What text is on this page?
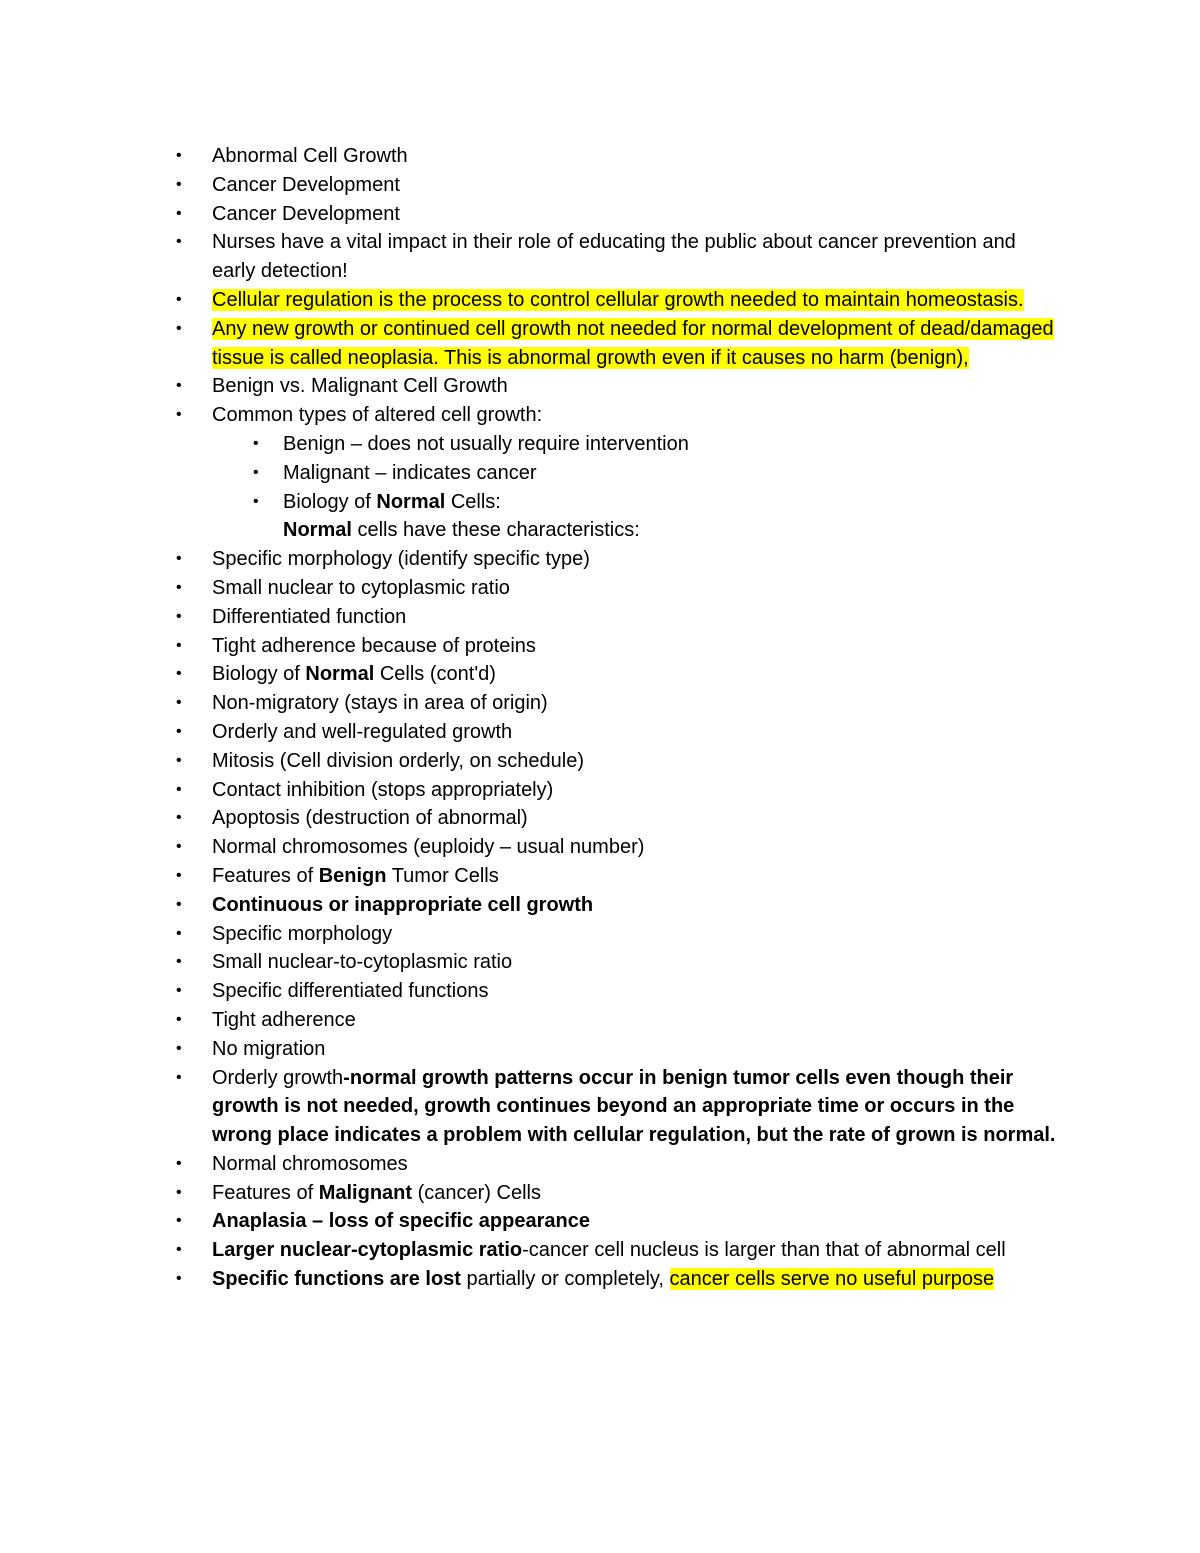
•	Abnormal Cell Growth
•	Cancer Development
•	Cancer Development
•	Nurses have a vital impact in their role of educating the public about cancer prevention and early detection!
•	Cellular regulation is the process to control cellular growth needed to maintain homeostasis.
•	Any new growth or continued cell growth not needed for normal development of dead/damaged tissue is called neoplasia. This is abnormal growth even if it causes no harm (benign),
•	Benign vs. Malignant Cell Growth
•	Common types of altered cell growth:
•	Benign – does not usually require intervention
•	Malignant – indicates cancer
•	Biology of Normal Cells:
Normal cells have these characteristics:
•	Specific morphology (identify specific type)
•	Small nuclear to cytoplasmic ratio
•	Differentiated function
•	Tight adherence because of proteins
•	Biology of Normal Cells (cont'd)
•	Non-migratory (stays in area of origin)
•	Orderly and well-regulated growth
•	Mitosis (Cell division orderly, on schedule)
•	Contact inhibition (stops appropriately)
•	Apoptosis (destruction of abnormal)
•	Normal chromosomes (euploidy – usual number)
•	Features of Benign Tumor Cells
•	Continuous or inappropriate cell growth
•	Specific morphology
•	Small nuclear-to-cytoplasmic ratio
•	Specific differentiated functions
•	Tight adherence
•	No migration
•	Orderly growth-normal growth patterns occur in benign tumor cells even though their growth is not needed, growth continues beyond an appropriate time or occurs in the wrong place indicates a problem with cellular regulation, but the rate of grown is normal.
•	Normal chromosomes
•	Features of Malignant (cancer) Cells
•	Anaplasia – loss of specific appearance
•	Larger nuclear-cytoplasmic ratio-cancer cell nucleus is larger than that of abnormal cell
•	Specific functions are lost partially or completely, cancer cells serve no useful purpose
